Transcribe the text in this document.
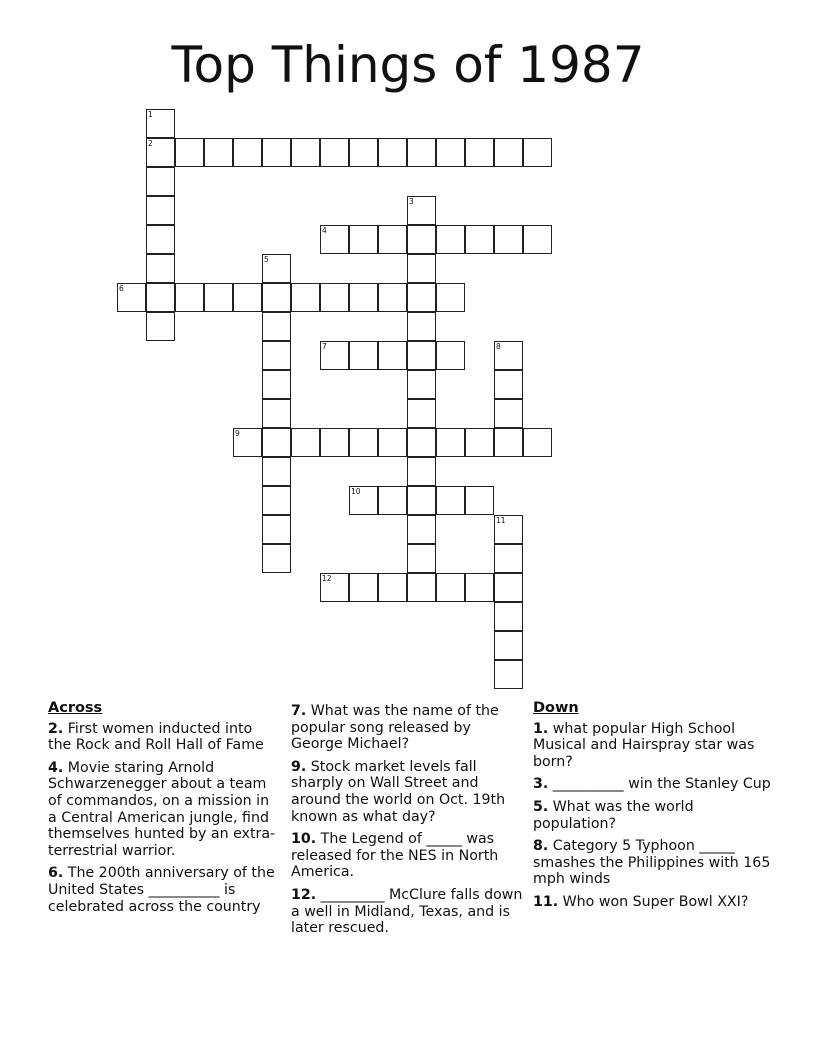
Top Things of 1987
1
2
3
4
5
6
7	8
9
10
11
12
Across
2. First women inducted into the Rock and Roll Hall of Fame
4. Movie staring Arnold Schwarzenegger about a team of commandos, on a mission in a Central American jungle, find themselves hunted by an extra-terrestrial warrior.
6. The 200th anniversary of the United States __________ is celebrated across the country
7. What was the name of the popular song released by George Michael?
9. Stock market levels fall sharply on Wall Street and around the world on Oct. 19th known as what day?
10. The Legend of _____ was released for the NES in North America.
12. _________ McClure falls down a well in Midland, Texas, and is later rescued.
Down
1. what popular High School Musical and Hairspray star was born?
3. __________ win the Stanley Cup
5. What was the world population?
8. Category 5 Typhoon _____ smashes the Philippines with 165 mph winds
11. Who won Super Bowl XXI?
